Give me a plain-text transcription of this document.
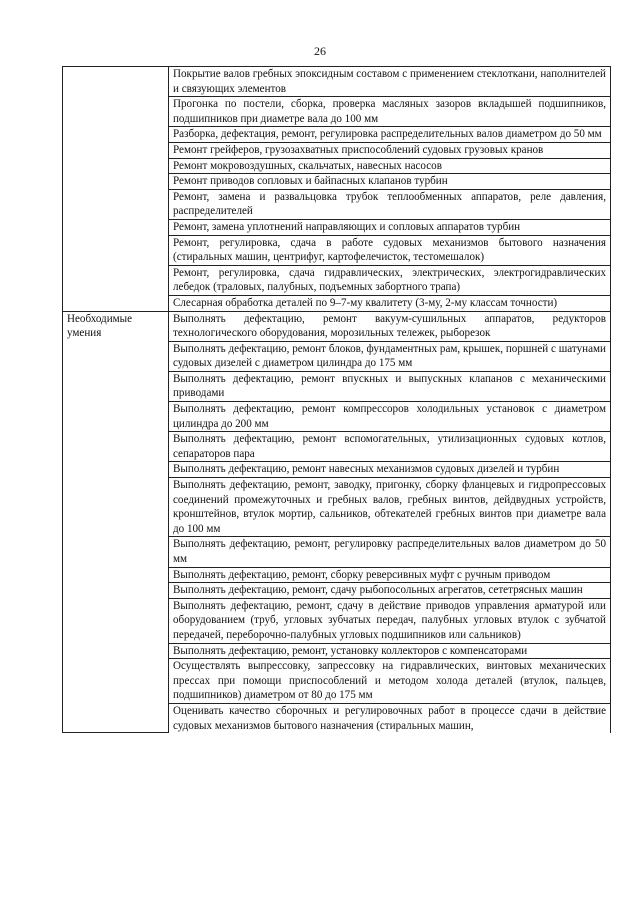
26
	Покрытие валов гребных эпоксидным составом с применением стеклоткани, наполнителей и связующих элементов
	Прогонка по постели, сборка, проверка масляных зазоров вкладышей подшипников, подшипников при диаметре вала до 100 мм
	Разборка, дефектация, ремонт, регулировка распределительных валов диаметром до 50 мм
	Ремонт грейферов, грузозахватных приспособлений судовых грузовых кранов
	Ремонт мокровоздушных, скальчатых, навесных насосов
	Ремонт приводов сопловых и байпасных клапанов турбин
	Ремонт, замена и развальцовка трубок теплообменных аппаратов, реле давления, распределителей
	Ремонт, замена уплотнений направляющих и сопловых аппаратов турбин
	Ремонт, регулировка, сдача в работе судовых механизмов бытового назначения (стиральных машин, центрифуг, картофелечисток, тестомешалок)
	Ремонт, регулировка, сдача гидравлических, электрических, электрогидравлических лебедок (траловых, палубных, подъемных забортного трапа)
	Слесарная обработка деталей по 9–7-му квалитету (3-му, 2-му классам точности)
Необходимые умения	Выполнять дефектацию, ремонт вакуум-сушильных аппаратов, редукторов технологического оборудования, морозильных тележек, рыборезок
	Выполнять дефектацию, ремонт блоков, фундаментных рам, крышек, поршней с шатунами судовых дизелей с диаметром цилиндра до 175 мм
	Выполнять дефектацию, ремонт впускных и выпускных клапанов с механическими приводами
	Выполнять дефектацию, ремонт компрессоров холодильных установок с диаметром цилиндра до 200 мм
	Выполнять дефектацию, ремонт вспомогательных, утилизационных судовых котлов, сепараторов пара
	Выполнять дефектацию, ремонт навесных механизмов судовых дизелей и турбин
	Выполнять дефектацию, ремонт, заводку, пригонку, сборку фланцевых и гидропрессовых соединений промежуточных и гребных валов, гребных винтов, дейдвудных устройств, кронштейнов, втулок мортир, сальников, обтекателей гребных винтов при диаметре вала до 100 мм
	Выполнять дефектацию, ремонт, регулировку распределительных валов диаметром до 50 мм
	Выполнять дефектацию, ремонт, сборку реверсивных муфт с ручным приводом
	Выполнять дефектацию, ремонт, сдачу рыбопосольных агрегатов, сететрясных машин
	Выполнять дефектацию, ремонт, сдачу в действие приводов управления арматурой или оборудованием (труб, угловых зубчатых передач, палубных угловых втулок с зубчатой передачей, переборочно-палубных угловых подшипников или сальников)
	Выполнять дефектацию, ремонт, установку коллекторов с компенсаторами
	Осуществлять выпрессовку, запрессовку на гидравлических, винтовых механических прессах при помощи приспособлений и методом холода деталей (втулок, пальцев, подшипников) диаметром от 80 до 175 мм

	Оценивать качество сборочных и регулировочных работ в процессе сдачи в действие судовых механизмов бытового назначения (стиральных машин,
